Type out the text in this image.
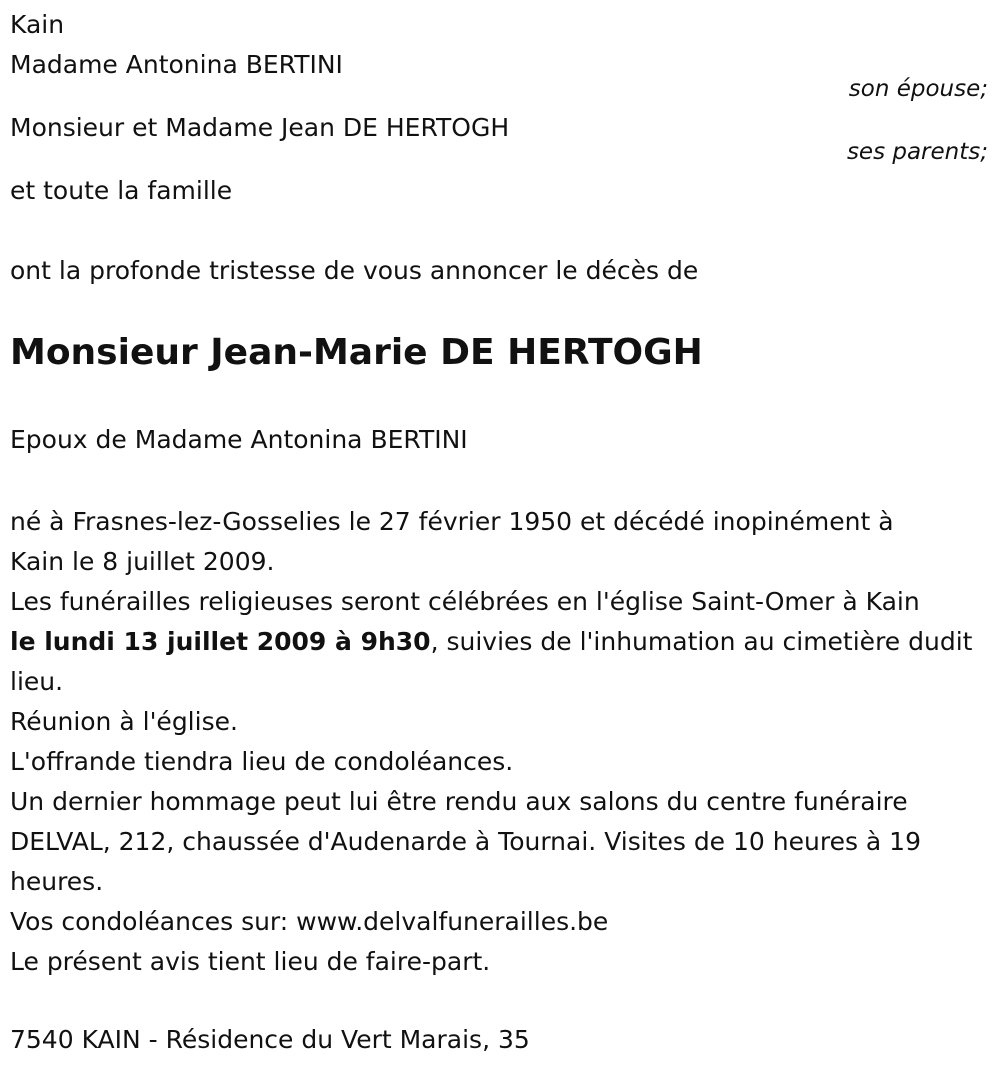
Kain
Madame Antonina BERTINI
son épouse;
Monsieur et Madame Jean DE HERTOGH
ses parents;
et toute la famille
ont la profonde tristesse de vous annoncer le décès de
Monsieur Jean-Marie DE HERTOGH
Epoux de Madame Antonina BERTINI
né à Frasnes-lez-Gosselies le 27 février 1950 et décédé inopinément à
Kain le 8 juillet 2009.
Les funérailles religieuses seront célébrées en l'église Saint-Omer à Kain
le lundi 13 juillet 2009 à 9h30, suivies de l'inhumation au cimetière dudit
lieu.
Réunion à l'église.
L'offrande tiendra lieu de condoléances.
Un dernier hommage peut lui être rendu aux salons du centre funéraire
DELVAL, 212, chaussée d'Audenarde à Tournai. Visites de 10 heures à 19
heures.
Vos condoléances sur: www.delvalfunerailles.be
Le présent avis tient lieu de faire-part.
7540 KAIN - Résidence du Vert Marais, 35
